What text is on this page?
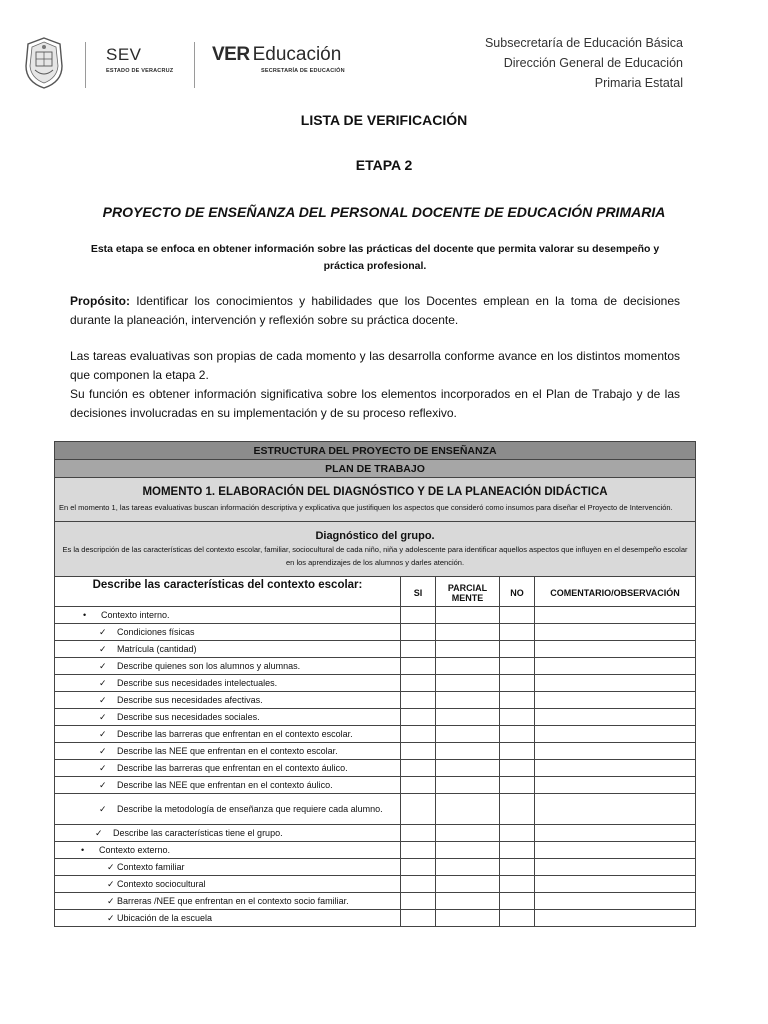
SEV
ESTADO DE VERACRUZ
VER Educación
SECRETARÍA DE EDUCACIÓN
Subsecretaría de Educación Básica
Dirección General de Educación
Primaria Estatal
LISTA DE VERIFICACIÓN
ETAPA 2
PROYECTO DE ENSEÑANZA DEL PERSONAL DOCENTE DE EDUCACIÓN PRIMARIA
Esta etapa se enfoca en obtener información sobre las prácticas del docente que permita valorar su desempeño y práctica profesional.
Propósito: Identificar los conocimientos y habilidades que los Docentes emplean en la toma de decisiones durante la planeación, intervención y reflexión sobre su práctica docente.
Las tareas evaluativas son propias de cada momento y las desarrolla conforme avance en los distintos momentos que componen la etapa 2.
Su función es obtener información significativa sobre los elementos incorporados en el Plan de Trabajo y de las decisiones involucradas en su implementación y de su proceso reflexivo.
ESTRUCTURA DEL PROYECTO DE ENSEÑANZA				
PLAN DE TRABAJO				

MOMENTO 1. ELABORACIÓN DEL DIAGNÓSTICO Y DE LA PLANEACIÓN DIDÁCTICA
En el momento 1, las tareas evaluativas buscan información descriptiva y explicativa que justifiquen los aspectos que consideró como insumos para diseñar el Proyecto de Intervención.				

Diagnóstico del grupo.
Es la descripción de las características del contexto escolar, familiar, sociocultural de cada niño, niña y adolescente para identificar aquellos aspectos que influyen en el desempeño escolar en los aprendizajes de los alumnos y darles atención.				

Describe las características del contexto escolar:	SI	PARCIAL MENTE	NO	COMENTARIO/OBSERVACIÓN
• Contexto interno.				
✓ Condiciones físicas				
✓ Matrícula (cantidad)				
✓ Describe quienes son los alumnos y alumnas.				
✓ Describe sus necesidades intelectuales.				
✓ Describe sus necesidades afectivas.				
✓ Describe sus necesidades sociales.				
✓ Describe las barreras que enfrentan en el contexto escolar.				
✓ Describe las NEE que enfrentan en el contexto escolar.				
✓ Describe las barreras que enfrentan en el contexto áulico.				
✓ Describe las NEE que enfrentan en el contexto áulico.				
✓ Describe la metodología de enseñanza que requiere cada alumno.				
✓ Describe las características tiene el grupo.				
• Contexto externo.				
✓ Contexto familiar				
✓ Contexto sociocultural				
✓ Barreras /NEE que enfrentan en el contexto socio familiar.				
✓ Ubicación de la escuela				
